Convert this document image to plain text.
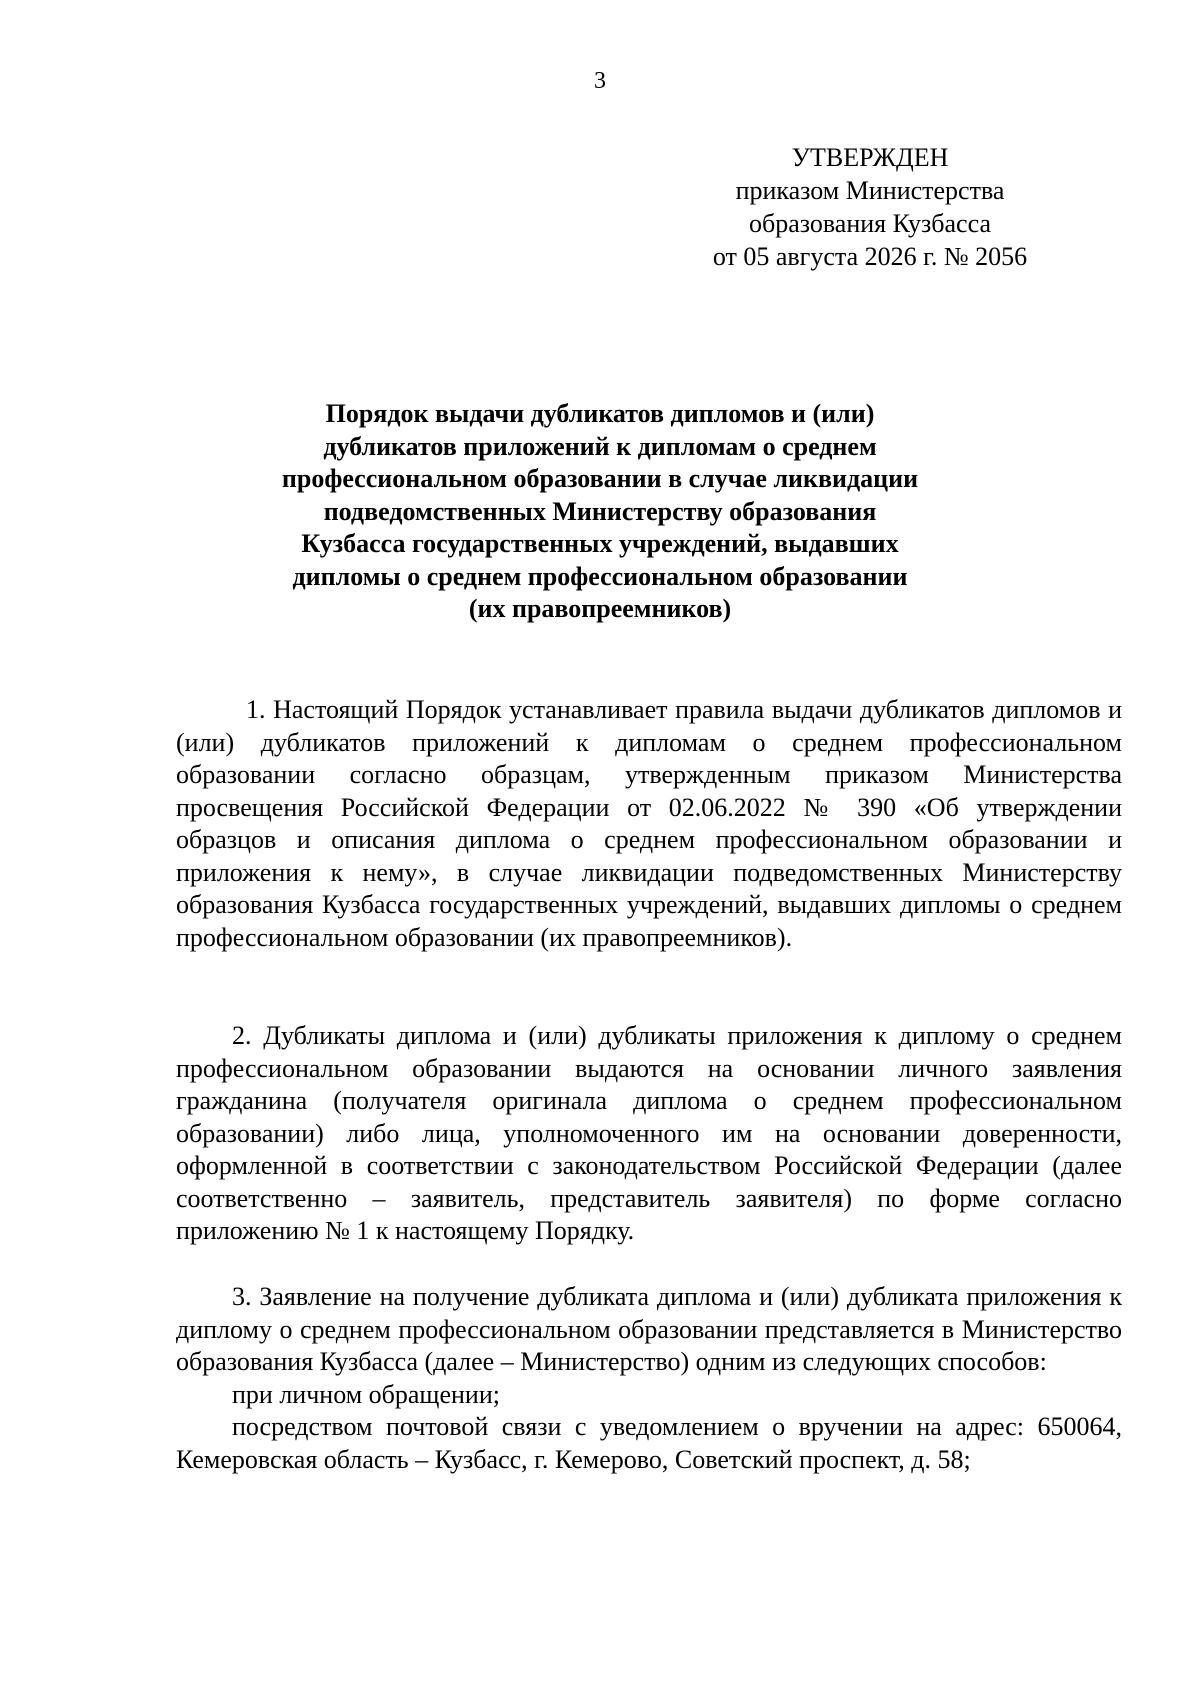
3
УТВЕРЖДЕН
приказом Министерства
образования Кузбасса
от 05 августа 2026 г. № 2056
Порядок выдачи дубликатов дипломов и (или)
дубликатов приложений к дипломам о среднем
профессиональном образовании в случае ликвидации
подведомственных Министерству образования
Кузбасса государственных учреждений, выдавших
дипломы о среднем профессиональном образовании
(их правопреемников)

1. Настоящий Порядок устанавливает правила выдачи дубликатов дипломов и (или) дубликатов приложений к дипломам о среднем профессиональном образовании согласно образцам, утвержденным приказом Министерства просвещения Российской Федерации от 02.06.2022 № 390 «Об утверждении образцов и описания диплома о среднем профессиональном образовании и приложения к нему», в случае ликвидации подведомственных Министерству образования Кузбасса государственных учреждений, выдавших дипломы о среднем профессиональном образовании (их правопреемников).

2. Дубликаты диплома и (или) дубликаты приложения к диплому о среднем профессиональном образовании выдаются на основании личного заявления гражданина (получателя оригинала диплома о среднем профессиональном образовании) либо лица, уполномоченного им на основании доверенности, оформленной в соответствии с законодательством Российской Федерации (далее соответственно – заявитель, представитель заявителя) по форме согласно приложению № 1 к настоящему Порядку.

3. Заявление на получение дубликата диплома и (или) дубликата приложения к диплому о среднем профессиональном образовании представляется в Министерство образования Кузбасса (далее – Министерство) одним из следующих способов:

при личном обращении;

посредством почтовой связи с уведомлением о вручении на адрес: 650064, Кемеровская область – Кузбасс, г. Кемерово, Советский проспект, д. 58;
